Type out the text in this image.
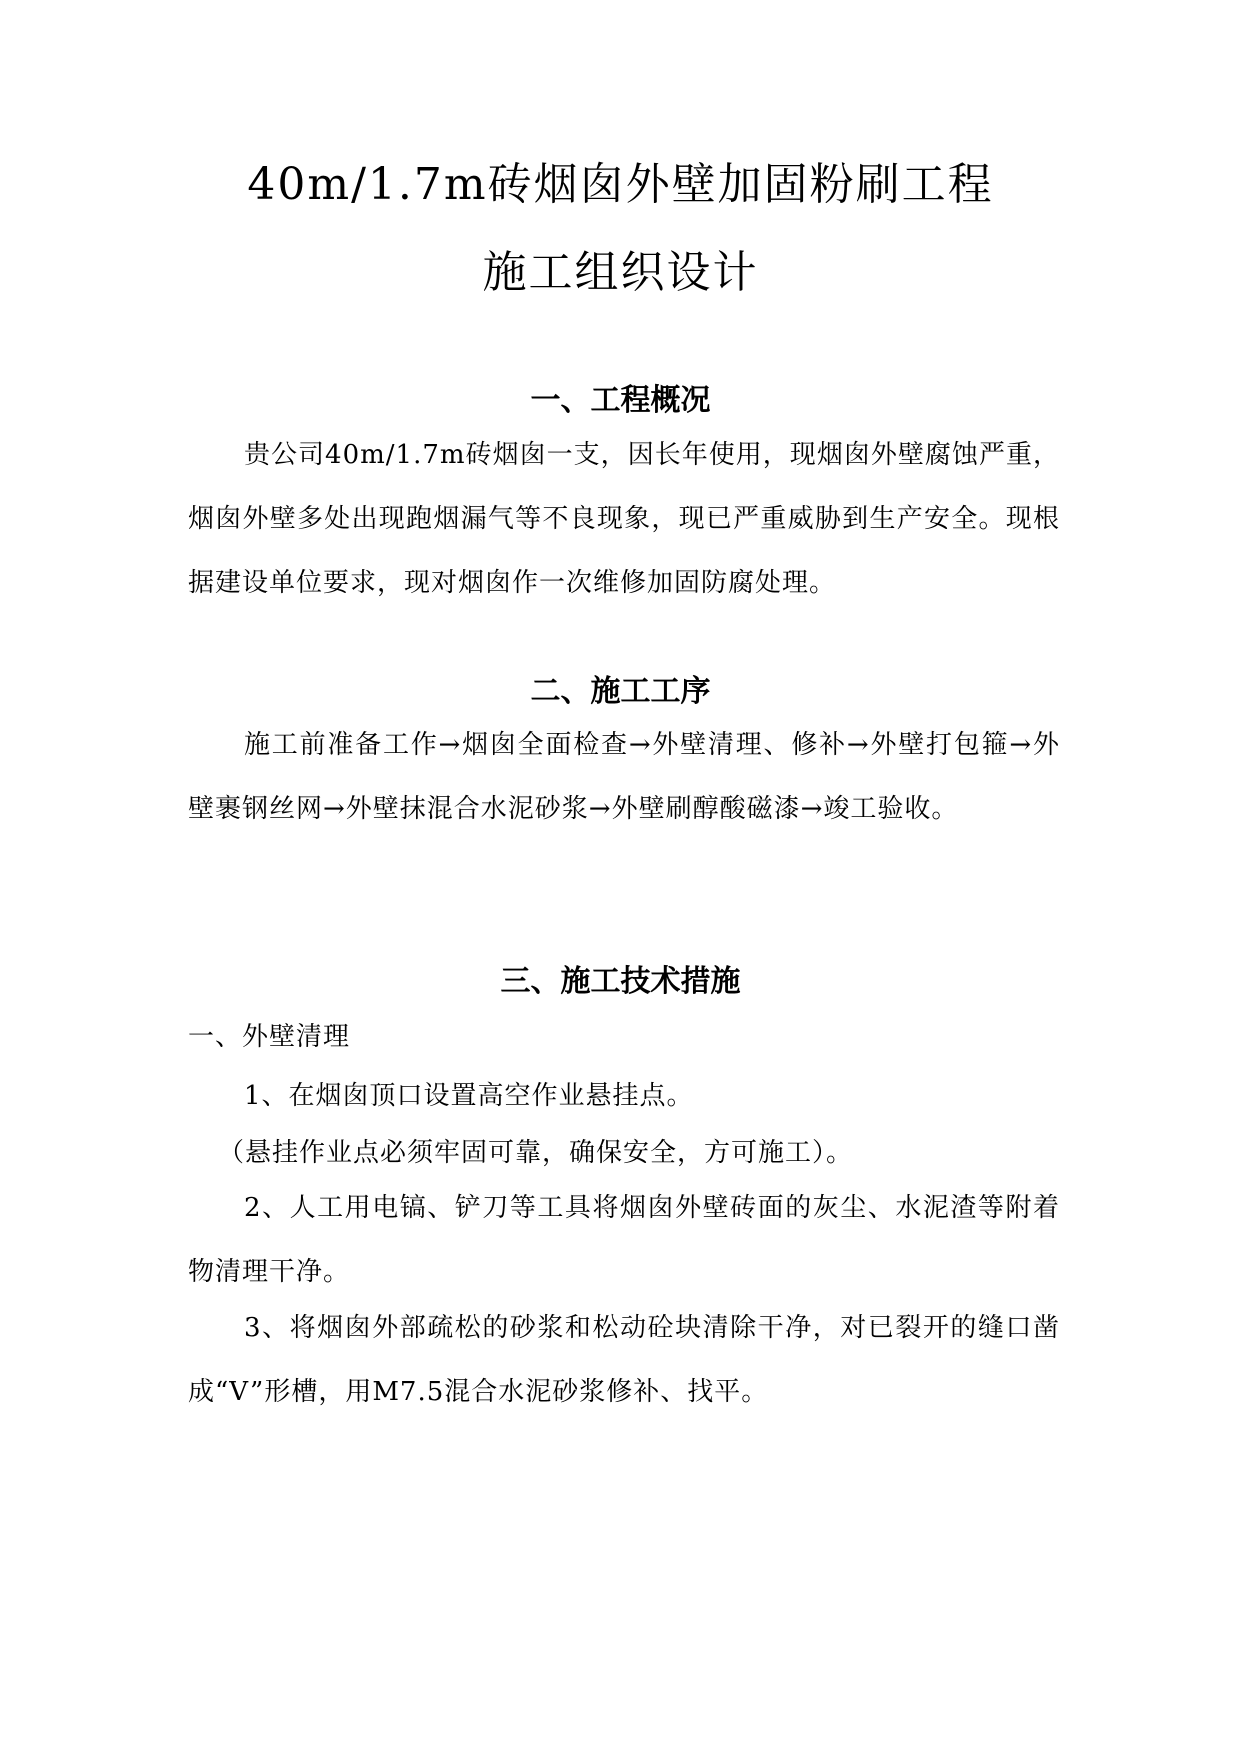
40m/1.7m砖烟囱外壁加固粉刷工程
施工组织设计
一、工程概况
贵公司40m/1.7m砖烟囱一支，因长年使用，现烟囱外壁腐蚀严重，烟囱外壁多处出现跑烟漏气等不良现象，现已严重威胁到生产安全。现根据建设单位要求，现对烟囱作一次维修加固防腐处理。
二、施工工序
施工前准备工作→烟囱全面检查→外壁清理、修补→外壁打包箍→外壁裹钢丝网→外壁抹混合水泥砂浆→外壁刷醇酸磁漆→竣工验收。
三、施工技术措施
一、外壁清理
1、在烟囱顶口设置高空作业悬挂点。
（悬挂作业点必须牢固可靠，确保安全，方可施工）。
2、人工用电镐、铲刀等工具将烟囱外壁砖面的灰尘、水泥渣等附着物清理干净。
3、将烟囱外部疏松的砂浆和松动砼块清除干净，对已裂开的缝口凿成“V”形槽，用M7.5混合水泥砂浆修补、找平。
